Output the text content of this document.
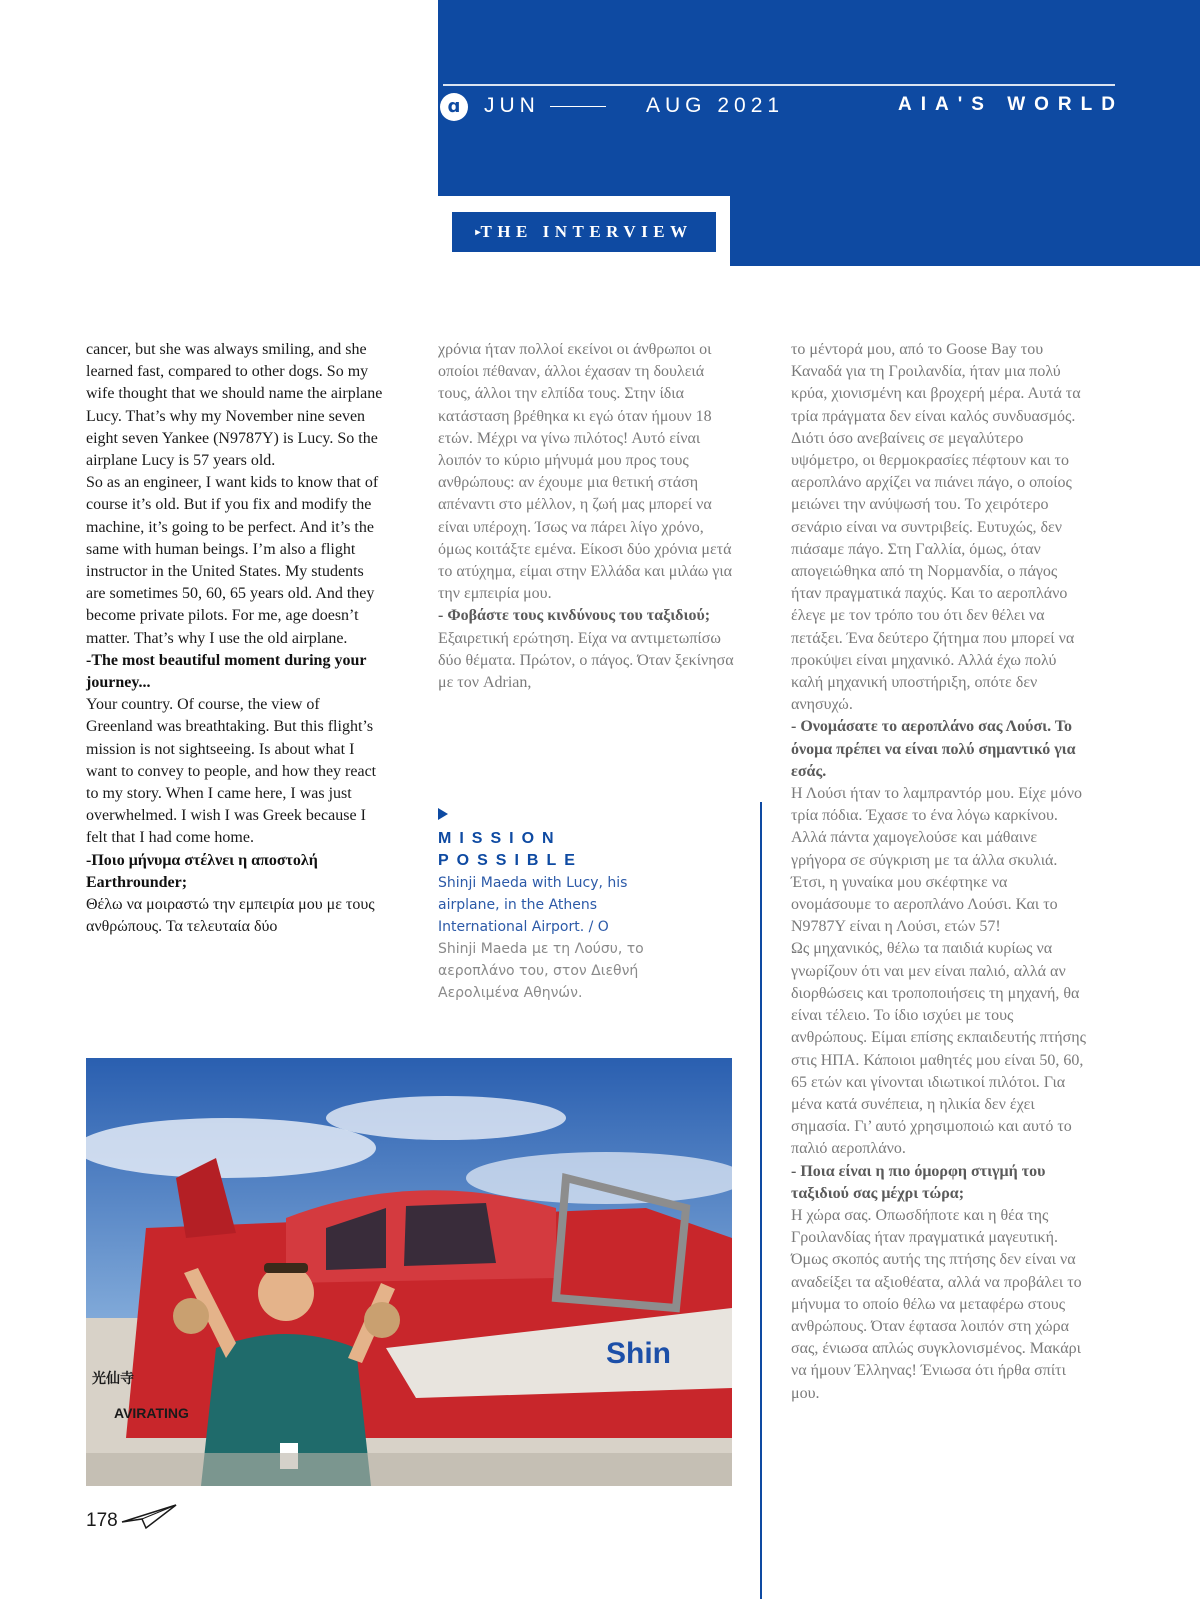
ɑ	JUN	AUG 2021	AIA'S WORLD
▸THE INTERVIEW

cancer, but she was always smiling, and she learned fast, compared to other dogs. So my wife thought that we should name the airplane Lucy. That’s why my November nine seven eight seven Yankee (N9787Y) is Lucy. So the airplane Lucy is 57 years old.

So as an engineer, I want kids to know that of course it’s old. But if you fix and modify the machine, it’s going to be perfect. And it’s the same with human beings. I’m also a flight instructor in the United States. My students are sometimes 50, 60, 65 years old. And they become private pilots. For me, age doesn’t matter. That’s why I use the old airplane.

-The most beautiful moment during your journey...

Your country. Of course, the view of Greenland was breathtaking. But this flight’s mission is not sightseeing. Is about what I want to convey to people, and how they react to my story. When I came here, I was just overwhelmed. I wish I was Greek because I felt that I had come home.

-Ποιο μήνυμα στέλνει η αποστολή Earthrounder;

Θέλω να μοιραστώ την εμπειρία μου με τους ανθρώπους. Τα τελευταία δύο

χρόνια ήταν πολλοί εκείνοι οι άνθρωποι οι οποίοι πέθαναν, άλλοι έχασαν τη δουλειά τους, άλλοι την ελπίδα τους. Στην ίδια κατάσταση βρέθηκα κι εγώ όταν ήμουν 18 ετών. Μέχρι να γίνω πιλότος! Αυτό είναι λοιπόν το κύριο μήνυμά μου προς τους ανθρώπους: αν έχουμε μια θετική στάση απέναντι στο μέλλον, η ζωή μας μπορεί να είναι υπέροχη. Ίσως να πάρει λίγο χρόνο, όμως κοιτάξτε εμένα. Είκοσι δύο χρόνια μετά το ατύχημα, είμαι στην Ελλάδα και μιλάω για την εμπειρία μου.

- Φοβάστε τους κινδύνους του ταξιδιού;

Εξαιρετική ερώτηση. Είχα να αντιμετωπίσω δύο θέματα. Πρώτον, ο πάγος. Όταν ξεκίνησα με τον Adrian,

MISSION POSSIBLE
Shinji Maeda with Lucy, his airplane, in the Athens International Airport. / Ο
Shinji Maeda με τη Λούσυ, το αεροπλάνο του, στον Διεθνή Αερολιμένα Αθηνών.

το μέντορά μου, από το Goose Bay του Καναδά για τη Γροιλανδία, ήταν μια πολύ κρύα, χιονισμένη και βροχερή μέρα. Αυτά τα τρία πράγματα δεν είναι καλός συνδυασμός. Διότι όσο ανεβαίνεις σε μεγαλύτερο υψόμετρο, οι θερμοκρασίες πέφτουν και το αεροπλάνο αρχίζει να πιάνει πάγο, ο οποίος μειώνει την ανύψωσή του. Το χειρότερο σενάριο είναι να συντριβείς. Ευτυχώς, δεν πιάσαμε πάγο. Στη Γαλλία, όμως, όταν απογειώθηκα από τη Νορμανδία, ο πάγος ήταν πραγματικά παχύς. Και το αεροπλάνο έλεγε με τον τρόπο του ότι δεν θέλει να πετάξει. Ένα δεύτερο ζήτημα που μπορεί να προκύψει είναι μηχανικό. Αλλά έχω πολύ καλή μηχανική υποστήριξη, οπότε δεν ανησυχώ.

- Ονομάσατε το αεροπλάνο σας Λούσι. Το όνομα πρέπει να είναι πολύ σημαντικό για εσάς.

Η Λούσι ήταν το λαμπραντόρ μου. Είχε μόνο τρία πόδια. Έχασε το ένα λόγω καρκίνου. Αλλά πάντα χαμογελούσε και μάθαινε γρήγορα σε σύγκριση με τα άλλα σκυλιά. Έτσι, η γυναίκα μου σκέφτηκε να ονομάσουμε το αεροπλάνο Λούσι. Και το N9787Y είναι η Λούσι, ετών 57!

Ως μηχανικός, θέλω τα παιδιά κυρίως να γνωρίζουν ότι ναι μεν είναι παλιό, αλλά αν διορθώσεις και τροποποιήσεις τη μηχανή, θα είναι τέλειο. Το ίδιο ισχύει με τους ανθρώπους. Είμαι επίσης εκπαιδευτής πτήσης στις ΗΠΑ. Κάποιοι μαθητές μου είναι 50, 60, 65 ετών και γίνονται ιδιωτικοί πιλότοι. Για μένα κατά συνέπεια, η ηλικία δεν έχει σημασία. Γι’ αυτό χρησιμοποιώ και αυτό το παλιό αεροπλάνο.

- Ποια είναι η πιο όμορφη στιγμή του ταξιδιού σας μέχρι τώρα;

Η χώρα σας. Οπωσδήποτε και η θέα της Γροιλανδίας ήταν πραγματικά μαγευτική. Όμως σκοπός αυτής της πτήσης δεν είναι να αναδείξει τα αξιοθέατα, αλλά να προβάλει το μήνυμα το οποίο θέλω να μεταφέρω στους ανθρώπους. Όταν έφτασα λοιπόν στη χώρα σας, ένιωσα απλώς συγκλονισμένος. Μακάρι να ήμουν Έλληνας! Ένιωσα ότι ήρθα σπίτι μου.

Shin
AVIRATING
光仙寺
178
